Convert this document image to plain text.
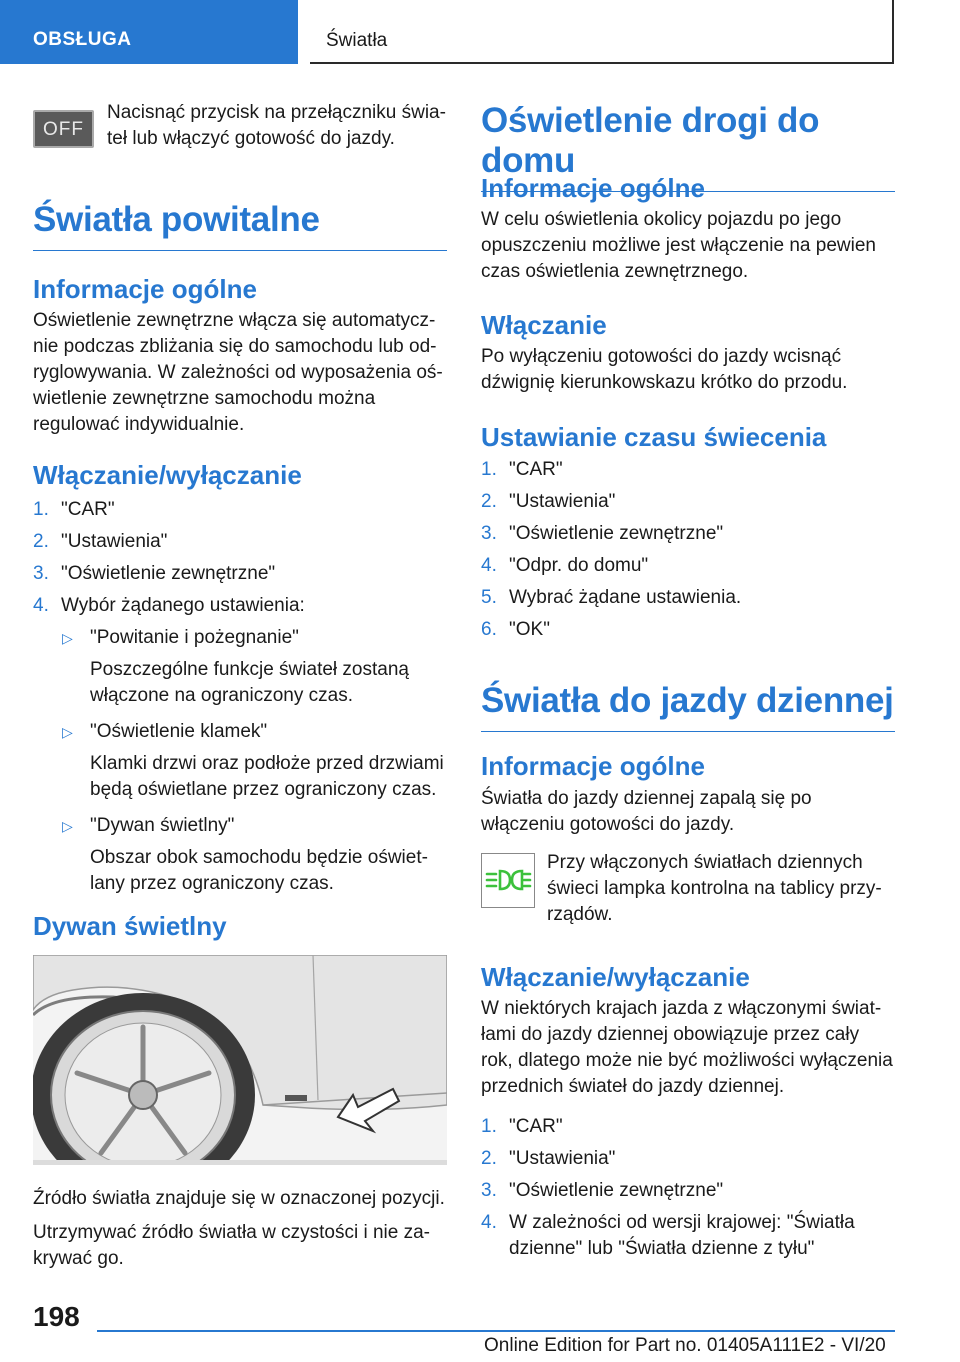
OBSŁUGA	Światła
OFF

Nacisnąć przycisk na przełączniku świa-teł lub włączyć gotowość do jazdy.

Światła powitalne
Informacje ogólne

Oświetlenie zewnętrzne włącza się automatycz-nie podczas zbliżania się do samochodu lub od-ryglowywania. W zależności od wyposażenia oś-wietlenie zewnętrzne samochodu można regulować indywidualnie.

Włączanie/wyłączanie
1. "CAR"
2. "Ustawienia"
3. "Oświetlenie zewnętrzne"
4. Wybór żądanego ustawienia:
▷ "Powitanie i pożegnanie"
Poszczególne funkcje świateł zostaną włączone na ograniczony czas.
▷ "Oświetlenie klamek"
Klamki drzwi oraz podłoże przed drzwiami będą oświetlane przez ograniczony czas.
▷ "Dywan świetlny"
Obszar obok samochodu będzie oświet-lany przez ograniczony czas.
Dywan świetlny

Źródło światła znajduje się w oznaczonej pozycji.

Utrzymywać źródło światła w czystości i nie za-krywać go.

Oświetlenie drogi do domu
Informacje ogólne

W celu oświetlenia okolicy pojazdu po jego opuszczeniu możliwe jest włączenie na pewien czas oświetlenia zewnętrznego.

Włączanie

Po wyłączeniu gotowości do jazdy wcisnąć dźwignię kierunkowskazu krótko do przodu.

Ustawianie czasu świecenia
1. "CAR"
2. "Ustawienia"
3. "Oświetlenie zewnętrzne"
4. "Odpr. do domu"
5. Wybrać żądane ustawienia.
6. "OK"
Światła do jazdy dziennej
Informacje ogólne

Światła do jazdy dziennej zapalą się po włączeniu gotowości do jazdy.

Przy włączonych światłach dziennych świeci lampka kontrolna na tablicy przy-rządów.

Włączanie/wyłączanie

W niektórych krajach jazda z włączonymi świat-łami do jazdy dziennej obowiązuje przez cały rok, dlatego może nie być możliwości wyłączenia przednich świateł do jazdy dziennej.

1. "CAR"
2. "Ustawienia"
3. "Oświetlenie zewnętrzne"
4. W zależności od wersji krajowej: "Światła dzienne" lub "Światła dzienne z tyłu"
198
Online Edition for Part no. 01405A111E2 - VI/20
